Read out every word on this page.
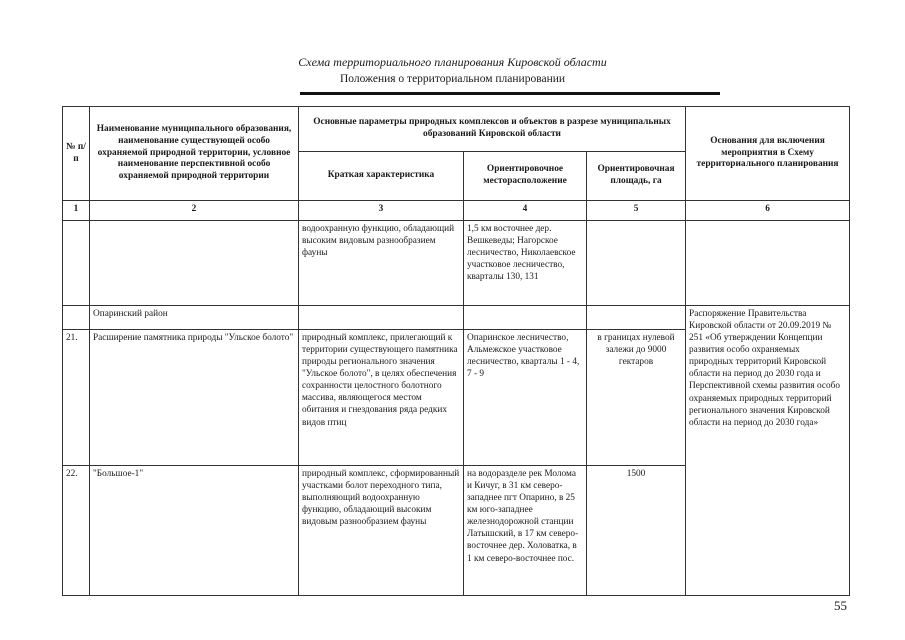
Схема территориального планирования Кировской области
Положения о территориальном планировании
№ п/п	Наименование муниципального образования, наименование существующей особо охраняемой природной территории, условное наименование перспективной особо охраняемой природной территории	Основные параметры природных комплексов и объектов в разрезе муниципальных образований Кировской области			Основания для включения мероприятия в Схему территориального планирования
		Краткая характеристика	Ориентировочное месторасположение	Ориентировочная площадь, га	
1	2	3	4	5	6
		водоохранную функцию, обладающий высоким видовым разнообразием фауны	1,5 км восточнее дер. Вешкеведы; Нагорское лесничество, Николаевское участковое лесничество, кварталы 130, 131		
	Опаринский район				Распоряжение Правительства Кировской области от 20.09.2019 № 251 «Об утверждении Концепции развития особо охраняемых природных территорий Кировской области на период до 2030 года и Перспективной схемы развития особо охраняемых природных территорий регионального значения Кировской области на период до 2030 года»
21.	Расширение памятника природы "Ульское болото"	природный комплекс, прилегающий к территории существующего памятника природы регионального значения "Ульское болото", в целях обеспечения сохранности целостного болотного массива, являющегося местом обитания и гнездования ряда редких видов птиц	Опаринское лесничество, Альмежское участковое лесничество, кварталы 1 - 4, 7 - 9	в границах нулевой залежи до 9000 гектаров	
22.	"Большое-1"	природный комплекс, сформированный участками болот переходного типа, выполняющий водоохранную функцию, обладающий высоким видовым разнообразием фауны	на водоразделе рек Молома и Кичуг, в 31 км северо-западнее пгт Опарино, в 25 км юго-западнее железнодорожной станции Латышский, в 17 км северо-восточнее дер. Холоватка, в 1 км северо-восточнее пос.	1500	
55
